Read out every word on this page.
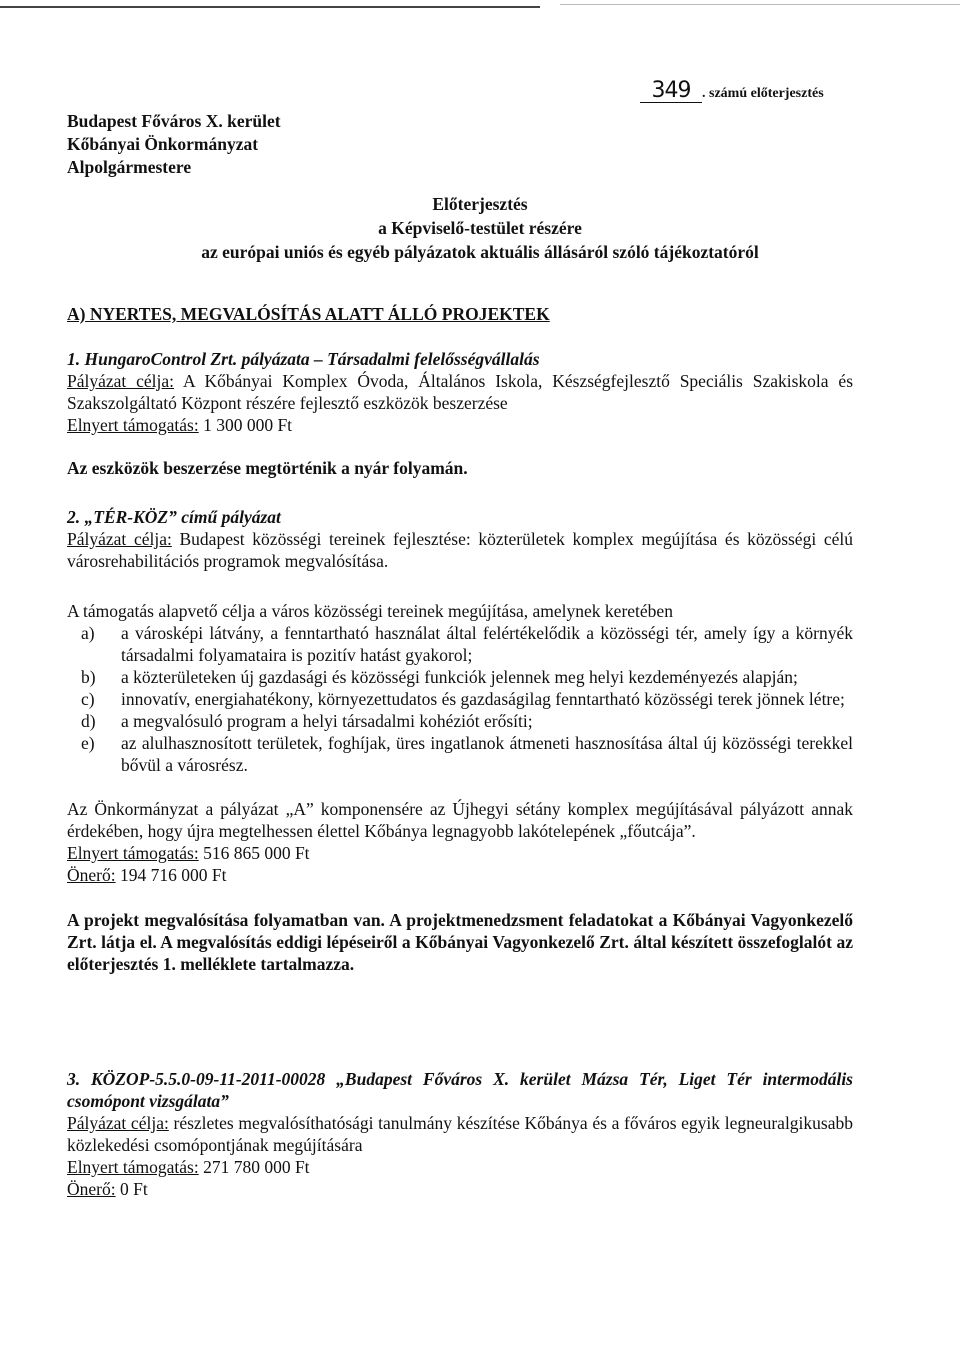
Budapest Főváros X. kerület
Kőbányai Önkormányzat
Alpolgármestere
349 . számú előterjesztés
Előterjesztés
a Képviselő-testület részére
az európai uniós és egyéb pályázatok aktuális állásáról szóló tájékoztatóról
A) NYERTES, MEGVALÓSÍTÁS ALATT ÁLLÓ PROJEKTEK
1. HungaroControl Zrt. pályázata – Társadalmi felelősségvállalás
Pályázat célja: A Kőbányai Komplex Óvoda, Általános Iskola, Készségfejlesztő Speciális Szakiskola és Szakszolgáltató Központ részére fejlesztő eszközök beszerzése
Elnyert támogatás: 1 300 000 Ft
Az eszközök beszerzése megtörténik a nyár folyamán.
2. „TÉR-KÖZ” című pályázat
Pályázat célja: Budapest közösségi tereinek fejlesztése: közterületek komplex megújítása és közösségi célú városrehabilitációs programok megvalósítása.
A támogatás alapvető célja a város közösségi tereinek megújítása, amelynek keretében
a) a városképi látvány, a fenntartható használat által felértékelődik a közösségi tér, amely így a környék társadalmi folyamataira is pozitív hatást gyakorol;
b) a közterületeken új gazdasági és közösségi funkciók jelennek meg helyi kezdeményezés alapján;
c) innovatív, energiahatékony, környezettudatos és gazdaságilag fenntartható közösségi terek jönnek létre;
d) a megvalósuló program a helyi társadalmi kohéziót erősíti;
e) az alulhasznosított területek, foghíjak, üres ingatlanok átmeneti hasznosítása által új közösségi terekkel bővül a városrész.
Az Önkormányzat a pályázat „A” komponensére az Újhegyi sétány komplex megújításával pályázott annak érdekében, hogy újra megtelhessen élettel Kőbánya legnagyobb lakótelepének „főutcája”.
Elnyert támogatás: 516 865 000 Ft
Önerő: 194 716 000 Ft
A projekt megvalósítása folyamatban van. A projektmenedzsment feladatokat a Kőbányai Vagyonkezelő Zrt. látja el. A megvalósítás eddigi lépéseiről a Kőbányai Vagyonkezelő Zrt. által készített összefoglalót az előterjesztés 1. melléklete tartalmazza.
3. KÖZOP-5.5.0-09-11-2011-00028 „Budapest Főváros X. kerület Mázsa Tér, Liget Tér intermodális csomópont vizsgálata”
Pályázat célja: részletes megvalósíthatósági tanulmány készítése Kőbánya és a főváros egyik legneuralgikusabb közlekedési csomópontjának megújítására
Elnyert támogatás: 271 780 000 Ft
Önerő: 0 Ft
